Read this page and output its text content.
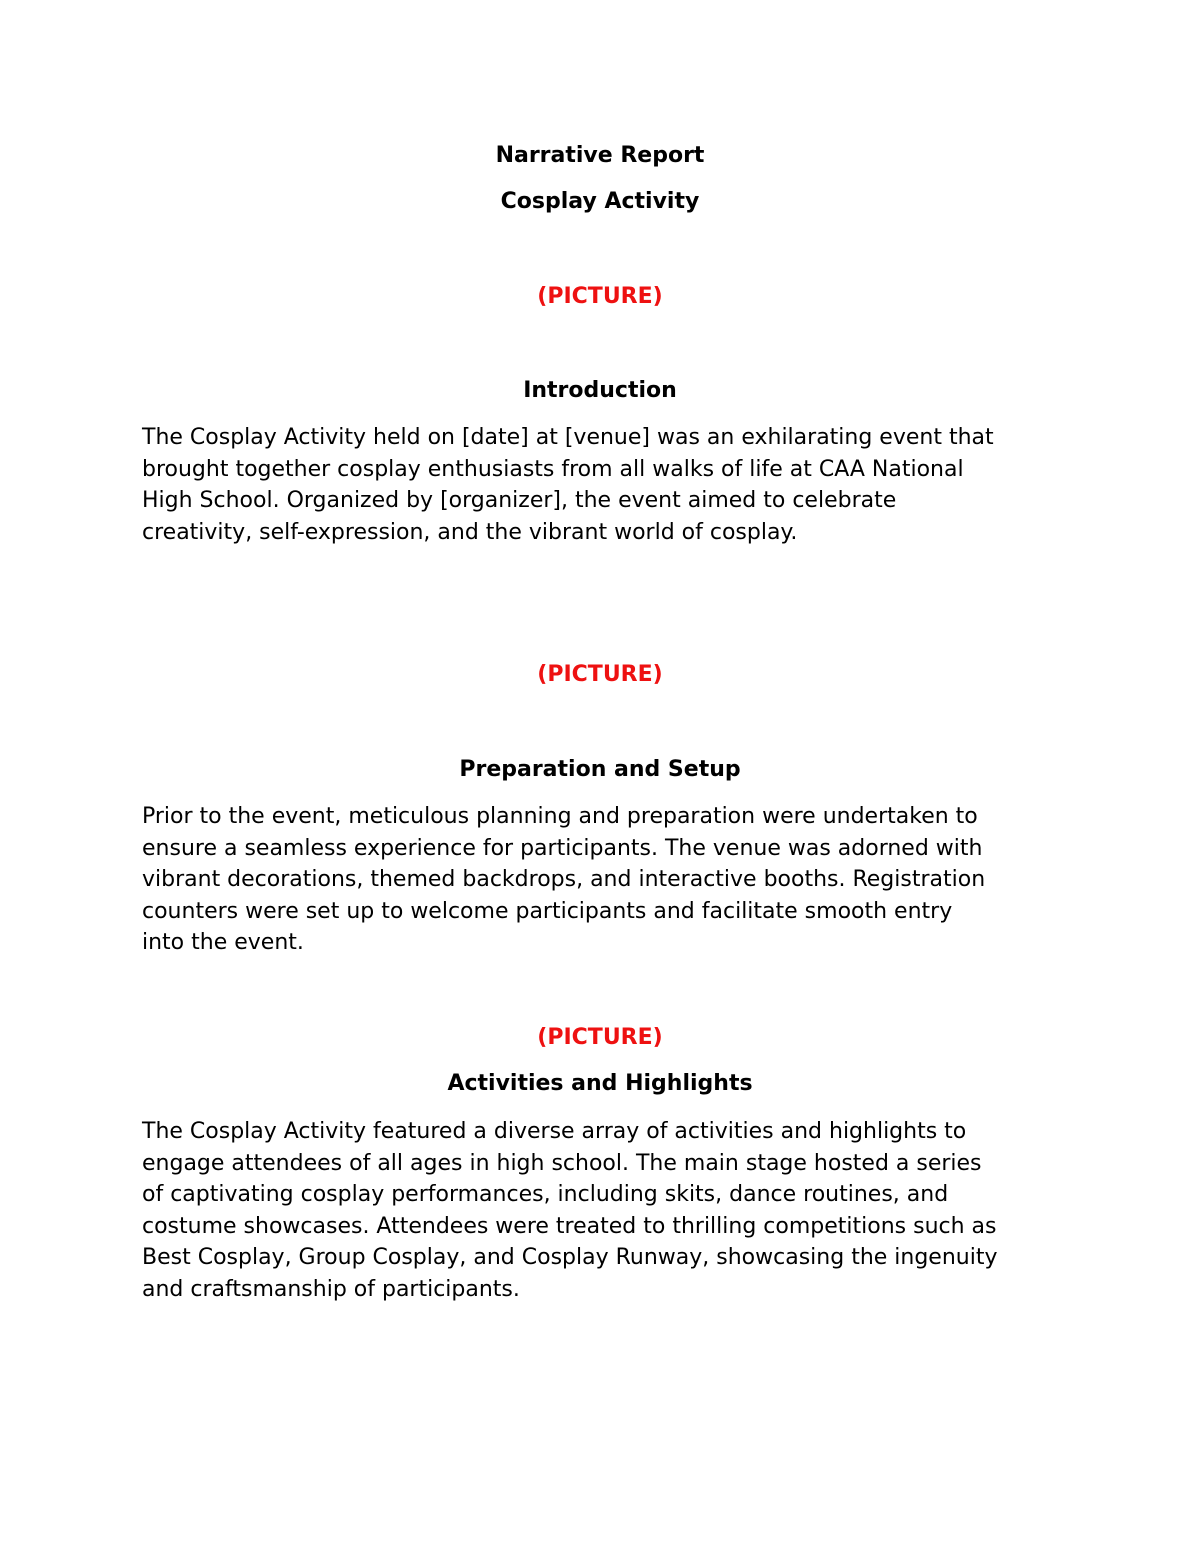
Narrative Report

Cosplay Activity

(PICTURE)

Introduction

The Cosplay Activity held on [date] at [venue] was an exhilarating event that
brought together cosplay enthusiasts from all walks of life at CAA National
High School. Organized by [organizer], the event aimed to celebrate
creativity, self-expression, and the vibrant world of cosplay.

(PICTURE)

Preparation and Setup

Prior to the event, meticulous planning and preparation were undertaken to
ensure a seamless experience for participants. The venue was adorned with
vibrant decorations, themed backdrops, and interactive booths. Registration
counters were set up to welcome participants and facilitate smooth entry
into the event.

(PICTURE)

Activities and Highlights

The Cosplay Activity featured a diverse array of activities and highlights to
engage attendees of all ages in high school. The main stage hosted a series
of captivating cosplay performances, including skits, dance routines, and
costume showcases. Attendees were treated to thrilling competitions such as
Best Cosplay, Group Cosplay, and Cosplay Runway, showcasing the ingenuity
and craftsmanship of participants.
